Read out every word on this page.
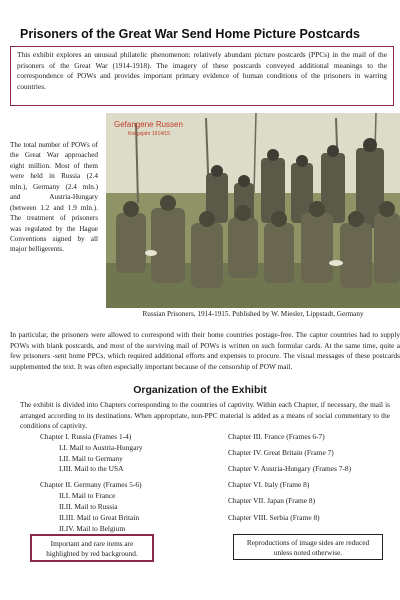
Prisoners of the Great War Send Home Picture Postcards
This exhibit explores an unusual philatelic phenomenon: relatively abundant picture postcards (PPCs) in the mail of the prisoners of the Great War (1914-1918). The imagery of these postcards conveyed additional meanings to the correspondence of POWs and provides important primary evidence of human conditions of the prisoners in warring countries.
The total number of POWs of the Great War approached eight million. Most of them were held in Russia (2.4 mln.), Germany (2.4 mln.) and Austria-Hungary (between 1.2 and 1.9 mln.). The treatment of prisoners was regulated by the Hague Conventions signed by all major belligerents.
Gefangene Russen
Kriegsjahr 1914/15
Russian Prisoners, 1914-1915. Published by W. Miesler, Lippstadt, Germany
In particular, the prisoners were allowed to correspond with their home countries postage-free. The captor countries had to supply POWs with blank postcards, and most of the surviving mail of POWs is written on such formular cards. At the same time, quite a few prisoners -sent home PPCs, which required additional efforts and expenses to procure. The visual messages of these postcards supplemented the text. It was often especially important because of the censorship of POW mail.
Organization of the Exhibit
The exhibit is divided into Chapters corresponding to the countries of captivity. Within each Chapter, if necessary, the mail is arranged according to its destinations. When appropriate, non-PPC material is added as a means of social commentary to the conditions of captivity.
Chapter I. Russia (Frames 1-4)
I.I. Mail to Austria-Hungary
I.II. Mail to Germany
I.III. Mail to the USA
Chapter II. Germany (Frames 5-6)
II.I. Mail to France
II.II. Mail to Russia
II.III. Mail to Great Britain
II.IV. Mail to Belgium
Chapter III. France (Frames 6-7)
Chapter IV. Great Britain (Frame 7)
Chapter V. Austria-Hungary (Frames 7-8)
Chapter VI. Italy (Frame 8)
Chapter VII. Japan (Frame 8)
Chapter VIII. Serbia (Frame 8)
Important and rare items are highlighted by red background.
Reproductions of image sides are reduced unless noted otherwise.
